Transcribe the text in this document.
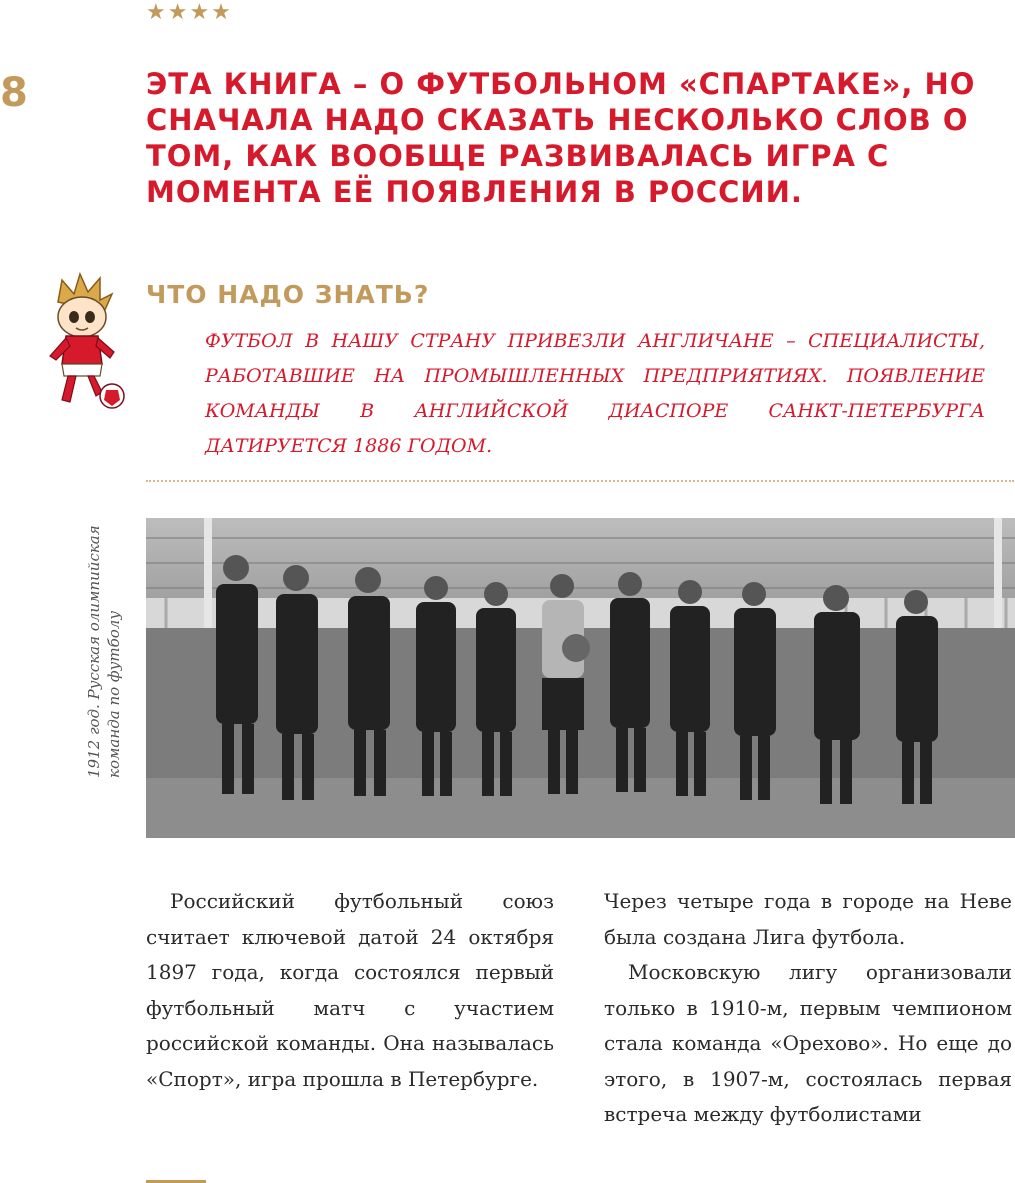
★★★★
8	ЭТА КНИГА – О ФУТБОЛЬНОМ «СПАРТАКЕ», НО СНАЧАЛА НАДО СКАЗАТЬ НЕСКОЛЬКО СЛОВ О ТОМ, КАК ВООБЩЕ РАЗВИВАЛАСЬ ИГРА С МОМЕНТА ЕЁ ПОЯВЛЕНИЯ В РОССИИ.
ЧТО НАДО ЗНАТЬ?
ФУТБОЛ В НАШУ СТРАНУ ПРИВЕЗЛИ АНГЛИЧАНЕ – СПЕЦИАЛИСТЫ, РАБОТАВШИЕ НА ПРОМЫШЛЕННЫХ ПРЕДПРИЯТИЯХ. ПОЯВЛЕНИЕ КОМАНДЫ В АНГЛИЙСКОЙ ДИАСПОРЕ САНКТ-ПЕТЕРБУРГА ДАТИРУЕТСЯ 1886 ГОДОМ.
1912 год. Русская олимпийская команда по футболу

Российский футбольный союз считает ключевой датой 24 октября 1897 года, когда состоялся первый футбольный матч с участием российской команды. Она называлась «Спорт», игра прошла в Петербурге.

Через четыре года в городе на Неве была создана Лига футбола.

Московскую лигу организовали только в 1910-м, первым чемпионом стала команда «Орехово». Но еще до этого, в 1907-м, состоялась первая встреча между футболистами
